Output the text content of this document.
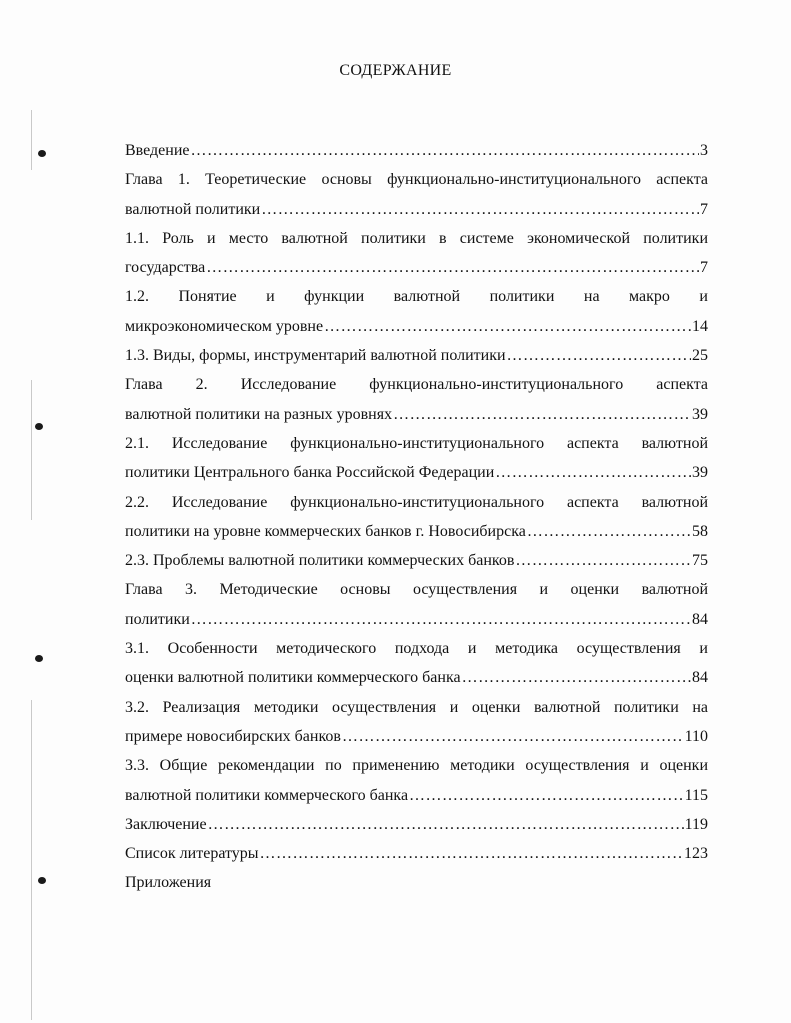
СОДЕРЖАНИЕ
Введение ……………………………………………………………………………………………………………………………………………………………………	3
Глава 1. Теоретические основы функционально-институционального аспекта
валютной политики ……………………………………………………………………………………………………………………………………………………………………	7
1.1. Роль и место валютной политики в системе экономической политики
государства ……………………………………………………………………………………………………………………………………………………………………	7
1.2. Понятие и функции валютной политики на макро и
микроэкономическом уровне ……………………………………………………………………………………………………………………………………………………………………	14
1.3. Виды, формы, инструментарий валютной политики ……………………………………………………………………………………………………………………………………………………………………	25
Глава 2. Исследование функционально-институционального аспекта
валютной политики на разных уровнях ……………………………………………………………………………………………………………………………………………………………………	39
2.1. Исследование функционально-институционального аспекта валютной
политики Центрального банка Российской Федерации ……………………………………………………………………………………………………………………………………………………………………	39
2.2. Исследование функционально-институционального аспекта валютной
политики на уровне коммерческих банков г. Новосибирска ……………………………………………………………………………………………………………………………………………………………………	58
2.3. Проблемы валютной политики коммерческих банков ……………………………………………………………………………………………………………………………………………………………………	75
Глава 3. Методические основы осуществления и оценки валютной
политики ……………………………………………………………………………………………………………………………………………………………………	84
3.1. Особенности методического подхода и методика осуществления и
оценки валютной политики коммерческого банка ……………………………………………………………………………………………………………………………………………………………………	84
3.2. Реализация методики осуществления и оценки валютной политики на
примере новосибирских банков ……………………………………………………………………………………………………………………………………………………………………	110
3.3. Общие рекомендации по применению методики осуществления и оценки
валютной политики коммерческого банка ……………………………………………………………………………………………………………………………………………………………………	115
Заключение ……………………………………………………………………………………………………………………………………………………………………	119
Список литературы ……………………………………………………………………………………………………………………………………………………………………	123
Приложения
